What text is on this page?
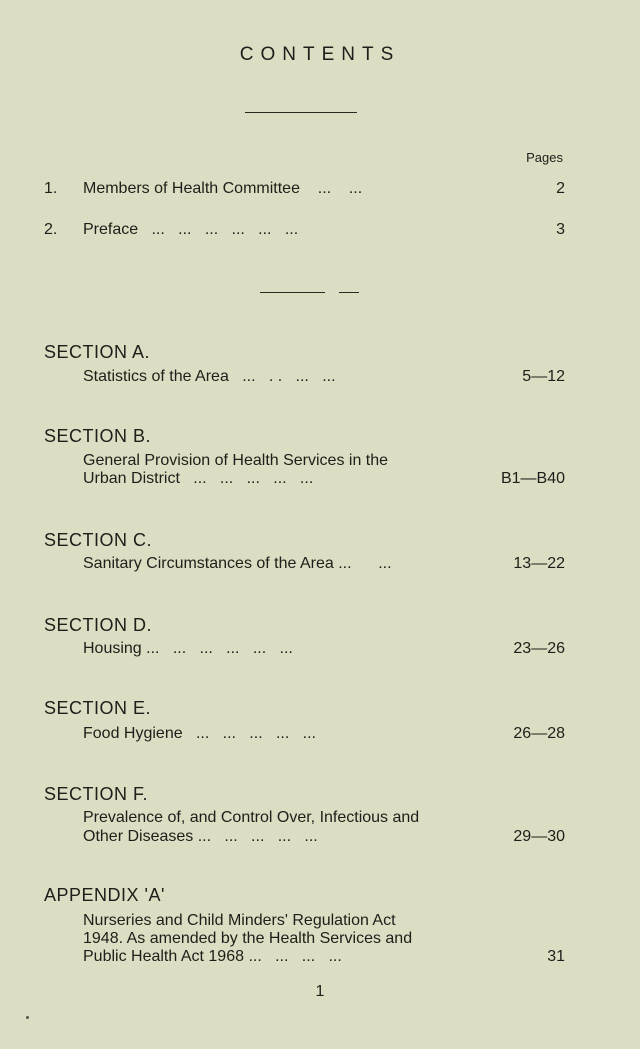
CONTENTS
Pages
1. Members of Health Committee    ...    ...	2
2. Preface   ...   ...   ...   ...   ...   ...	3
SECTION A.
Statistics of the Area   ...   . .   ...   ...	5—12
SECTION B.
General Provision of Health Services in the
Urban District   ...   ...   ...   ...   ...	B1—B40
SECTION C.
Sanitary Circumstances of the Area ...      ...	13—22
SECTION D.
Housing ...   ...   ...   ...   ...   ...	23—26
SECTION E.
Food Hygiene   ...   ...   ...   ...   ...	26—28
SECTION F.
Prevalence of, and Control Over, Infectious and
Other Diseases ...   ...   ...   ...   ...	29—30
APPENDIX 'A'
Nurseries and Child Minders' Regulation Act
1948. As amended by the Health Services and
Public Health Act 1968 ...   ...   ...   ...	31
1
